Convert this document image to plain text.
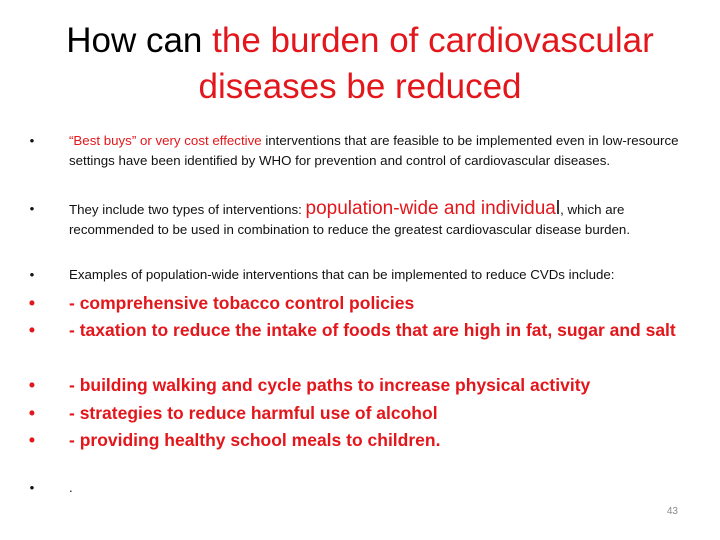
How can the burden of cardiovascular
diseases be reduced
•	“Best buys” or very cost effective interventions that are feasible to be implemented even in low-resource settings have been identified by WHO for prevention and control of cardiovascular diseases.
•	They include two types of interventions: population-wide and individual, which are recommended to be used in combination to reduce the greatest cardiovascular disease burden.
•	Examples of population-wide interventions that can be implemented to reduce CVDs include:
• - comprehensive tobacco control policies
• - taxation to reduce the intake of foods that are high in fat, sugar and salt
• - building walking and cycle paths to increase physical activity
• - strategies to reduce harmful use of alcohol
• - providing healthy school meals to children.
•	.
43
